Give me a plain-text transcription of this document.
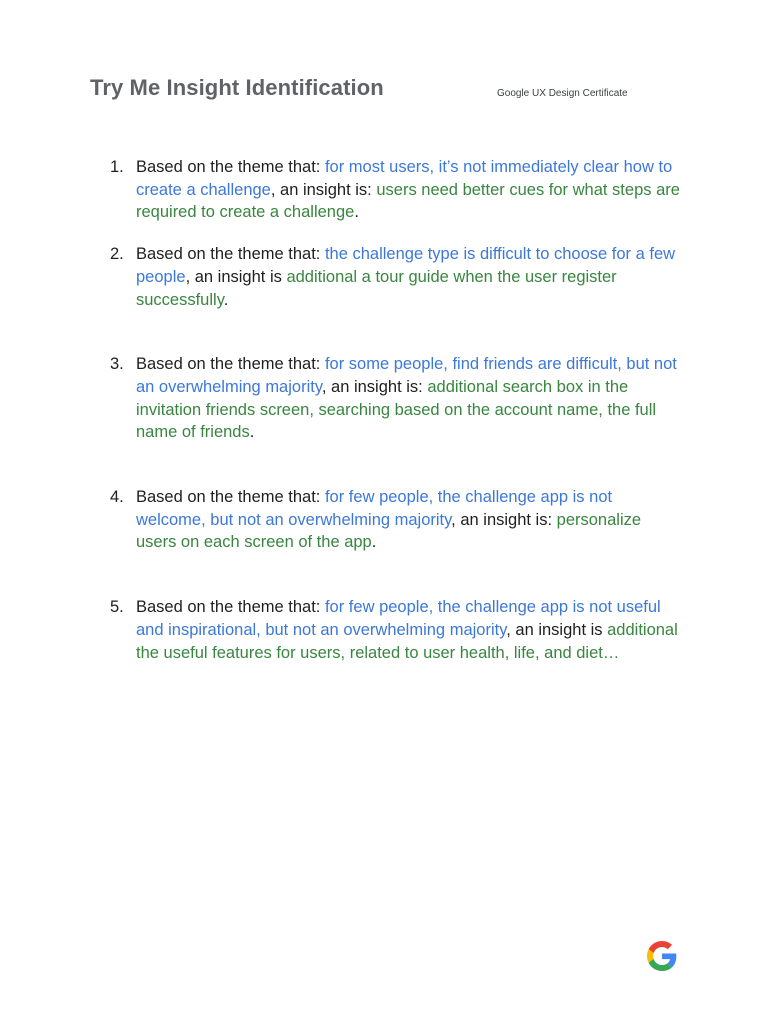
Try Me Insight Identification	Google UX Design Certificate
1. Based on the theme that: for most users, it’s not immediately clear how to create a challenge, an insight is: users need better cues for what steps are required to create a challenge.
2. Based on the theme that: the challenge type is difficult to choose for a few people, an insight is additional a tour guide when the user register successfully.
3. Based on the theme that: for some people, find friends are difficult, but not an overwhelming majority, an insight is: additional search box in the invitation friends screen, searching based on the account name, the full name of friends.
4. Based on the theme that: for few people, the challenge app is not welcome, but not an overwhelming majority, an insight is: personalize users on each screen of the app.
5. Based on the theme that: for few people, the challenge app is not useful and inspirational, but not an overwhelming majority, an insight is additional the useful features for users, related to user health, life, and diet…
